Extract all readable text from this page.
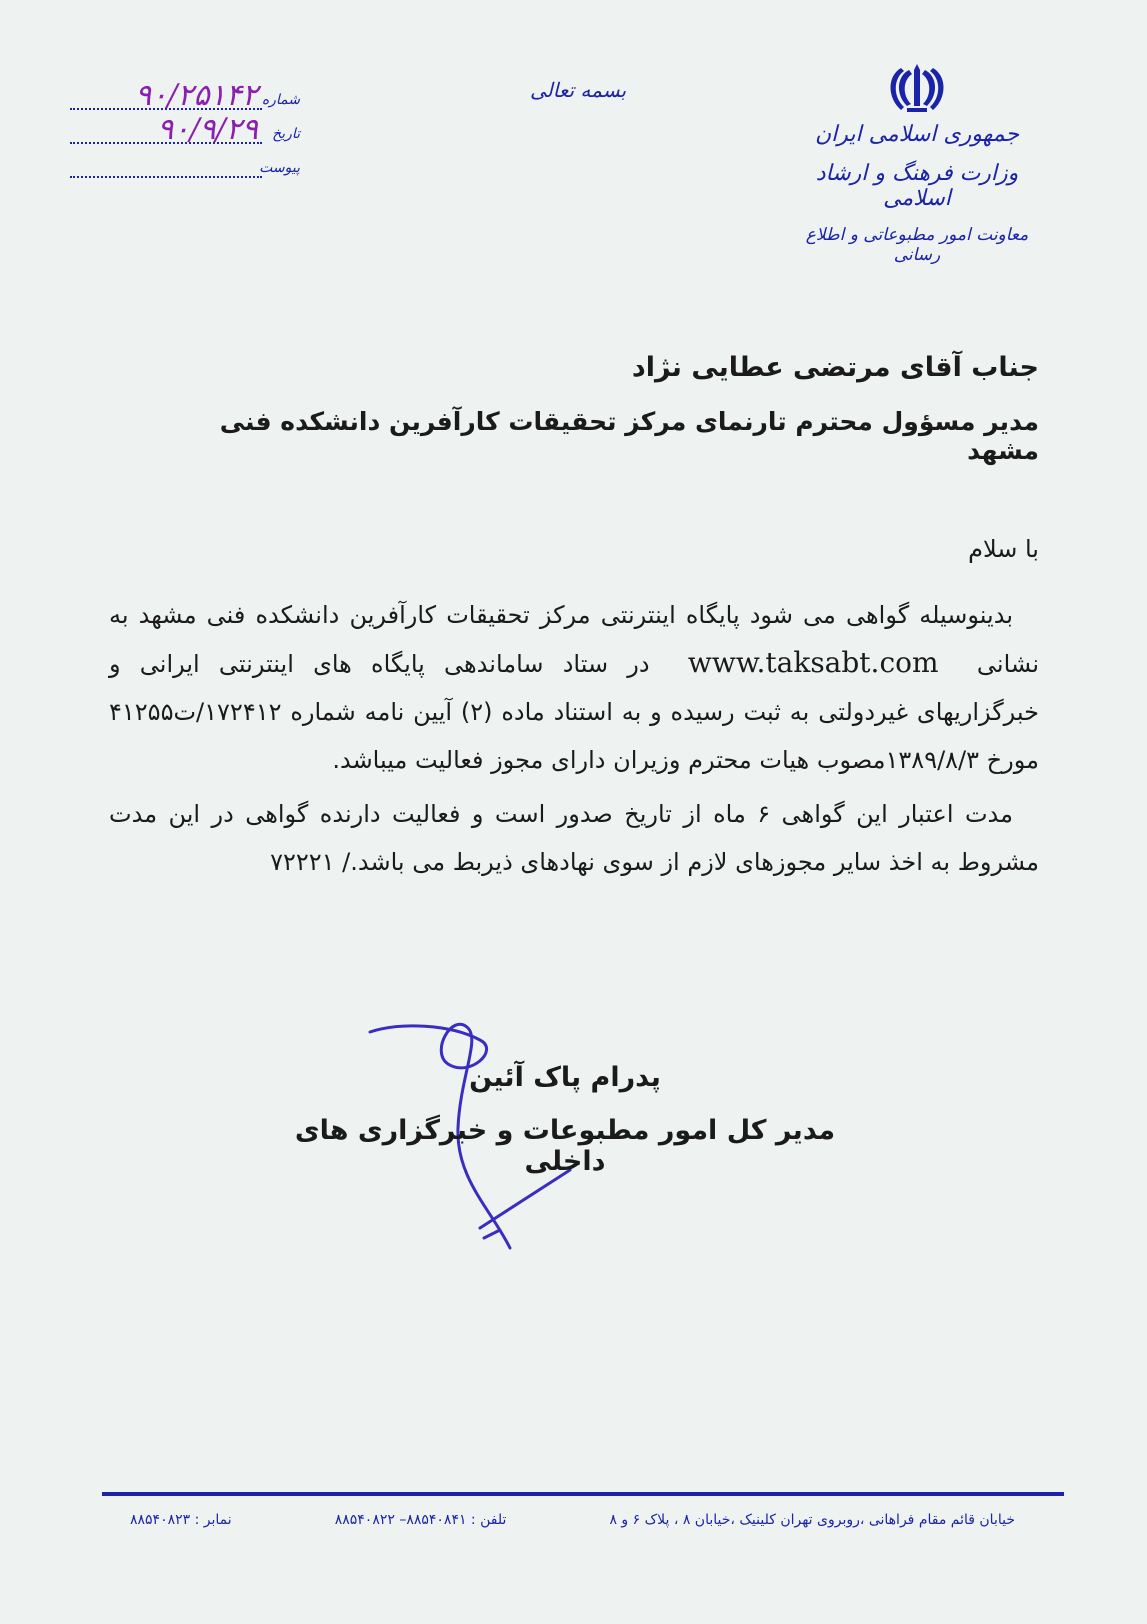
جمهوری اسلامی ایران
وزارت فرهنگ و ارشاد اسلامی
معاونت امور مطبوعاتی و اطلاع رسانی
بسمه تعالی
شماره
۹۰/۲۵۱۴۲
تاریخ
۹۰/۹/۲۹
پیوست
جناب آقای مرتضی عطایی نژاد
مدیر مسؤول محترم تارنمای مرکز تحقیقات کارآفرین دانشکده فنی مشهد
با سلام
بدینوسیله گواهی می شود پایگاه اینترنتی مرکز تحقیقات کارآفرین دانشکده فنی مشهد به نشانی  www.taksabt.com  در ستاد ساماندهی پایگاه های اینترنتی ایرانی و خبرگزاریهای غیردولتی به ثبت رسیده و به استناد ماده (۲) آیین نامه شماره ۱۷۲۴۱۲/ت۴۱۲۵۵ مورخ ۱۳۸۹/۸/۳مصوب هیات محترم وزیران دارای مجوز فعالیت میباشد.
مدت اعتبار این گواهی ۶ ماه از تاریخ صدور است و فعالیت دارنده گواهی در این مدت مشروط به اخذ سایر مجوزهای لازم از سوی نهادهای ذیربط می باشد./ ۷۲۲۲۱
پدرام پاک آئین
مدیر کل امور مطبوعات و خبرگزاری های داخلی
خیابان قائم مقام فراهانی ،روبروی تهران کلینیک ،خیابان ۸ ، پلاک ۶ و ۸
تلفن : ۸۸۵۴۰۸۴۱– ۸۸۵۴۰۸۲۲
نمابر : ۸۸۵۴۰۸۲۳
